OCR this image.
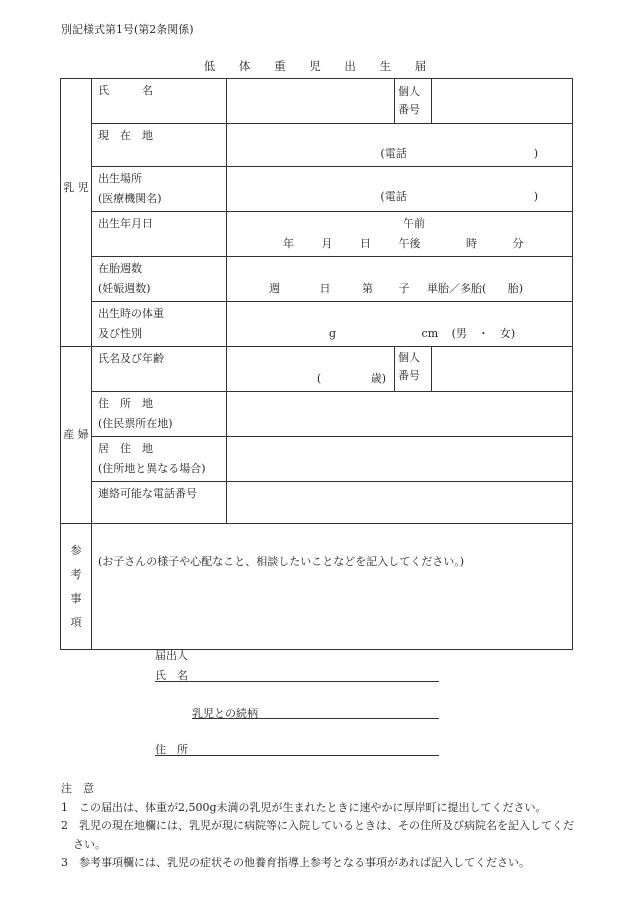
別記様式第1号(第2条関係)
低 体 重 児 出 生 届
乳 児	氏　　　名		個人
番号	

	現　在　地	(電話 )		

	出生場所
(医療機関名)	(電話 )		

	出生年月日	午前
年 月 日 午後 時 分		

	在胎週数
(妊娠週数)	週 日 第 子 単胎／多胎( 胎)		

	出生時の体重
及び性別	g cm (男　・　女)		

産 婦	氏名及び年齢	( 歳)	個人
番号	

	住　所　地
(住民票所在地)			

	居　住　地
(住所地と異なる場合)			

	連絡可能な電話番号			

参 考 事 項	(お子さんの様子や心配なこと、相談したいことなどを記入してください。)			
届出人
氏　名
乳児との続柄
住　所
注　意
1　この届出は、体重が2,500g未満の乳児が生まれたときに速やかに厚岸町に提出してください。
2　乳児の現在地欄には、乳児が現に病院等に入院しているときは、その住所及び病院名を記入してください。
3　参考事項欄には、乳児の症状その他養育指導上参考となる事項があれば記入してください。
